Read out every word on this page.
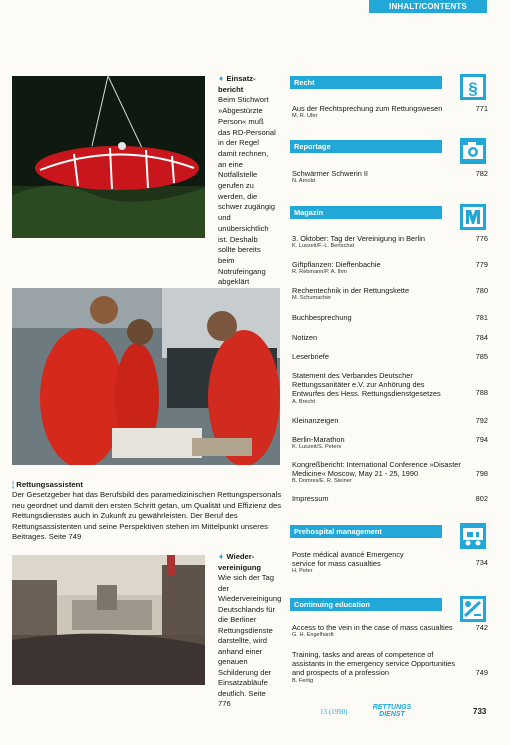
INHALT/CONTENTS
➧ Einsatz-bericht
Beim Stichwort »Abgestürzte Person« muß das RD-Personal in der Regel damit rechnen, an eine Notfallstelle gerufen zu werden, die schwer zugängig und unübersichtlich ist. Deshalb sollte bereits beim Notrufeingang abgeklärt
¦ Rettungsassistent
Der Gesetzgeber hat das Berufsbild des paramedizinischen Rettungspersonals neu geordnet und damit den ersten Schritt getan, um Qualität und Effizienz des Rettungsdienstes auch in Zukunft zu gewährleisten. Der Beruf des Rettungsassistenten und seine Perspektiven stehen im Mittelpunkt unseres Beitrages. Seite 749
➧ Wieder-vereinigung
Wie sich der Tag der Wiedervereinigung Deutschlands für die Berliner Rettungsdienste darstellte, wird anhand einer genauen Schilderung der Einsatzabläufe deutlich. Seite 776
Recht	§
Aus der Rechtsprechung zum Rettungswesen
M. R. Ufer
771
Reportage
Schwärmer Schwerin II
N. Arnold
782
Magazin
3. Oktober: Tag der Vereinigung in Berlin
K. Luszeit/F.-L. Bertschat
776
Giftpflanzen: Dieffenbachie
R. Rebmann/P. A. Ihm
779
Rechentechnik in der Rettungskette
M. Schumacher
780
Buchbesprechung	781
Notizen	784
Leserbriefe	785
Statement des Verbandes Deutscher Rettungssanitäter e.V. zur Anhörung des Entwurfes des Hess. Rettungsdienstgesetzes
A. Brecht
788
Kleinanzeigen	792
Berlin-Marathon
K. Luszeit/S. Peters
794
Kongreßbericht: International Conference »Disaster Medicine« Moscow, May 21 - 25, 1990
B. Domres/E. R. Steiner
798
Impressum	802
Prehospital management
Poste médical avancé Emergency service for mass casualties
H. Peter
734
Continuing education
Access to the vein in the case of mass casualties
G. H. Engelhardt
742
Training, tasks and areas of competence of assistants in the emergency service Opportunities and prospects of a profession
B. Fertig
749
13 (1990)
RETTUNGS DIENST	733
